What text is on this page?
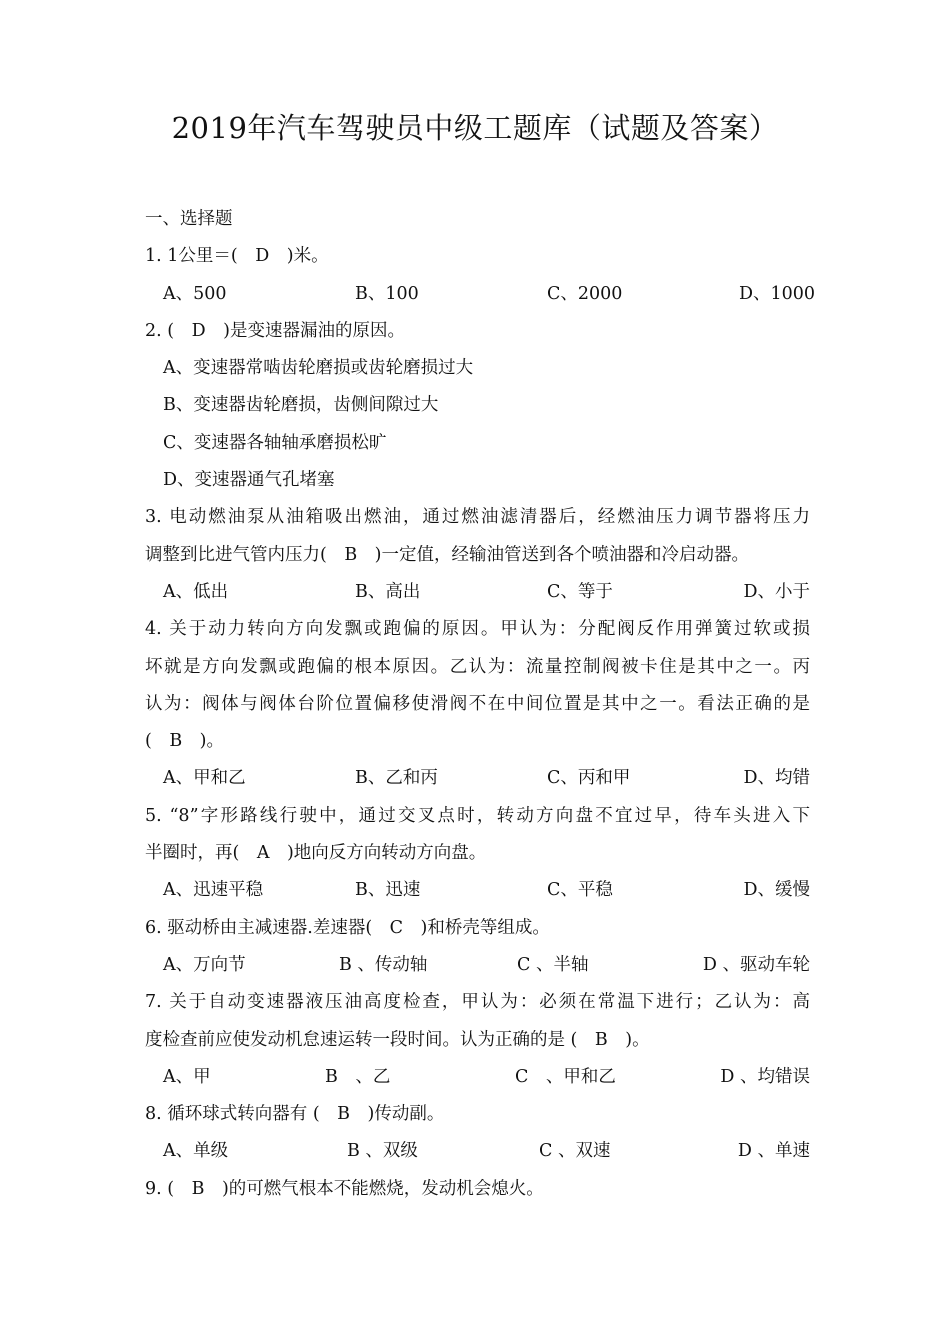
2019年汽车驾驶员中级工题库（试题及答案）
一、选择题
1. 1公里＝(　D　)米。
A、500	B、100	C、2000	D、1000
2. (　D　)是变速器漏油的原因。
A、变速器常啮齿轮磨损或齿轮磨损过大
B、变速器齿轮磨损，齿侧间隙过大
C、变速器各轴轴承磨损松旷
D、变速器通气孔堵塞
3. 电动燃油泵从油箱吸出燃油，通过燃油滤清器后，经燃油压力调节器将压力
调整到比进气管内压力(　B　)一定值，经输油管送到各个喷油器和冷启动器。
A、低出	B、高出	C、等于	D、小于
4. 关于动力转向方向发飘或跑偏的原因。甲认为：分配阀反作用弹簧过软或损
坏就是方向发飘或跑偏的根本原因。乙认为：流量控制阀被卡住是其中之一。丙
认为：阀体与阀体台阶位置偏移使滑阀不在中间位置是其中之一。看法正确的是
(　B　)。
A、甲和乙	B、乙和丙	C、丙和甲	D、均错
5. “8”字形路线行驶中，通过交叉点时，转动方向盘不宜过早，待车头进入下
半圈时，再(　A　)地向反方向转动方向盘。
A、迅速平稳	B、迅速	C、平稳	D、缓慢
6. 驱动桥由主减速器.差速器(　C　)和桥壳等组成。
A、万向节	B 、传动轴	C 、半轴	D 、驱动车轮
7. 关于自动变速器液压油高度检查，甲认为：必须在常温下进行；乙认为：高
度检查前应使发动机怠速运转一段时间。认为正确的是 (　B　)。
A、甲	B　、乙	C　、甲和乙	D 、均错误
8. 循环球式转向器有 (　B　)传动副。
A、单级	B 、双级	C 、双速	D 、单速
9. (　B　)的可燃气根本不能燃烧，发动机会熄火。
